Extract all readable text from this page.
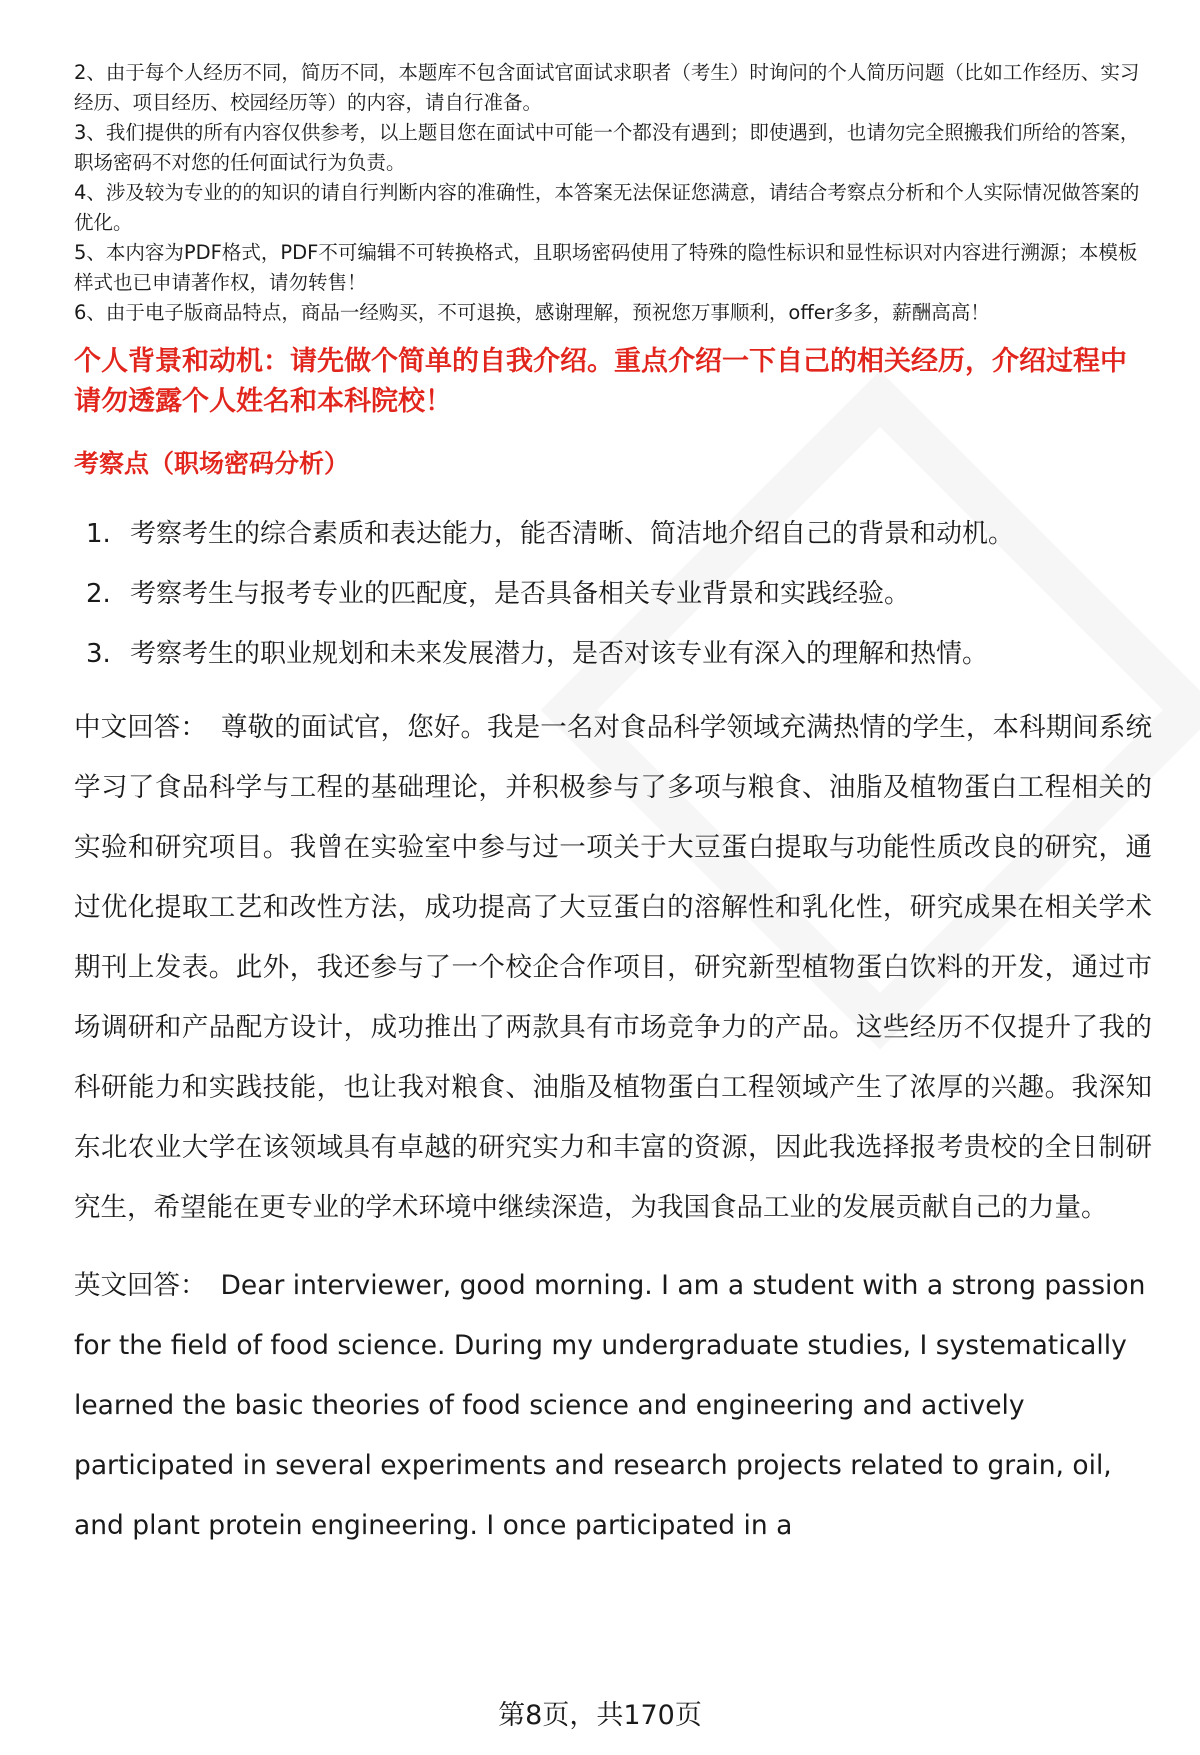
2、由于每个人经历不同，简历不同，本题库不包含面试官面试求职者（考生）时询问的个人简历问题（比如工作经历、实习经历、项目经历、校园经历等）的内容，请自行准备。
3、我们提供的所有内容仅供参考，以上题目您在面试中可能一个都没有遇到；即使遇到，也请勿完全照搬我们所给的答案，职场密码不对您的任何面试行为负责。
4、涉及较为专业的的知识的请自行判断内容的准确性，本答案无法保证您满意，请结合考察点分析和个人实际情况做答案的优化。
5、本内容为PDF格式，PDF不可编辑不可转换格式，且职场密码使用了特殊的隐性标识和显性标识对内容进行溯源；本模板样式也已申请著作权，请勿转售！
6、由于电子版商品特点，商品一经购买，不可退换，感谢理解，预祝您万事顺利，offer多多，薪酬高高！
个人背景和动机：请先做个简单的自我介绍。重点介绍一下自己的相关经历，介绍过程中请勿透露个人姓名和本科院校！
考察点（职场密码分析）
1. 考察考生的综合素质和表达能力，能否清晰、简洁地介绍自己的背景和动机。
2. 考察考生与报考专业的匹配度，是否具备相关专业背景和实践经验。
3. 考察考生的职业规划和未来发展潜力，是否对该专业有深入的理解和热情。

中文回答： 尊敬的面试官，您好。我是一名对食品科学领域充满热情的学生，本科期间系统学习了食品科学与工程的基础理论，并积极参与了多项与粮食、油脂及植物蛋白工程相关的实验和研究项目。我曾在实验室中参与过一项关于大豆蛋白提取与功能性质改良的研究，通过优化提取工艺和改性方法，成功提高了大豆蛋白的溶解性和乳化性，研究成果在相关学术期刊上发表。此外，我还参与了一个校企合作项目，研究新型植物蛋白饮料的开发，通过市场调研和产品配方设计，成功推出了两款具有市场竞争力的产品。这些经历不仅提升了我的科研能力和实践技能，也让我对粮食、油脂及植物蛋白工程领域产生了浓厚的兴趣。我深知东北农业大学在该领域具有卓越的研究实力和丰富的资源，因此我选择报考贵校的全日制研究生，希望能在更专业的学术环境中继续深造，为我国食品工业的发展贡献自己的力量。

英文回答： Dear interviewer, good morning. I am a student with a strong passion for the field of food science. During my undergraduate studies, I systematically learned the basic theories of food science and engineering and actively participated in several experiments and research projects related to grain, oil, and plant protein engineering. I once participated in a

第8页，共170页
